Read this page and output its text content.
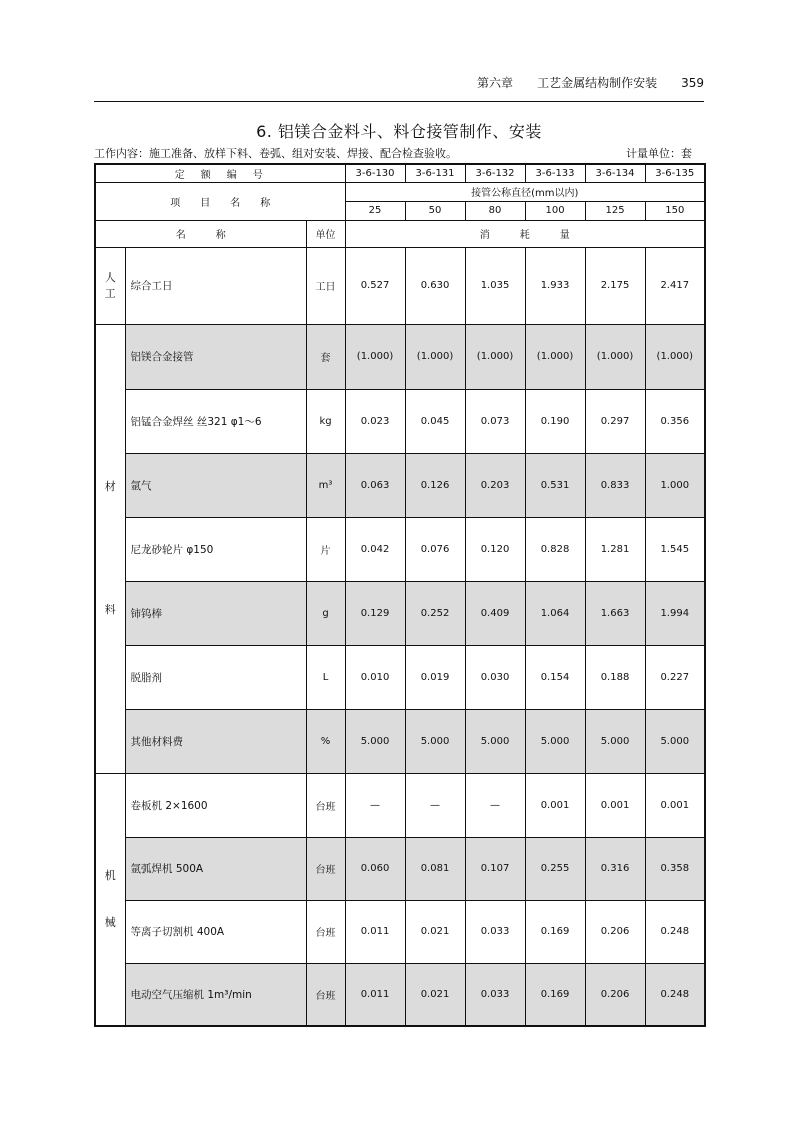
第六章　　 工艺金属结构制作安装　　 359
6. 铝镁合金料斗、料仓接管制作、安装
工作内容：施工准备、放样下料、卷弧、组对安装、焊接、配合检查验收。	计量单位：套
定　额　编　号			3-6-130	3-6-131	3-6-132	3-6-133	3-6-134	3-6-135
项　　目　　名　　称			接管公称直径(mm以内)					
			25	50	80	100	125	150
名　　　称		单位	消　　　耗　　　量					
人
工	综合工日	工日	0.527	0.630	1.035	1.933	2.175	2.417
材

料	铝镁合金接管	套	(1.000)	(1.000)	(1.000)	(1.000)	(1.000)	(1.000)
	铝锰合金焊丝 丝321 φ1～6	kg	0.023	0.045	0.073	0.190	0.297	0.356
	氩气	m³	0.063	0.126	0.203	0.531	0.833	1.000
	尼龙砂轮片 φ150	片	0.042	0.076	0.120	0.828	1.281	1.545
	铈钨棒	g	0.129	0.252	0.409	1.064	1.663	1.994
	脱脂剂	L	0.010	0.019	0.030	0.154	0.188	0.227
	其他材料费	%	5.000	5.000	5.000	5.000	5.000	5.000
机

械	卷板机 2×1600	台班	—	—	—	0.001	0.001	0.001
	氩弧焊机 500A	台班	0.060	0.081	0.107	0.255	0.316	0.358
	等离子切割机 400A	台班	0.011	0.021	0.033	0.169	0.206	0.248
	电动空气压缩机 1m³/min	台班	0.011	0.021	0.033	0.169	0.206	0.248
